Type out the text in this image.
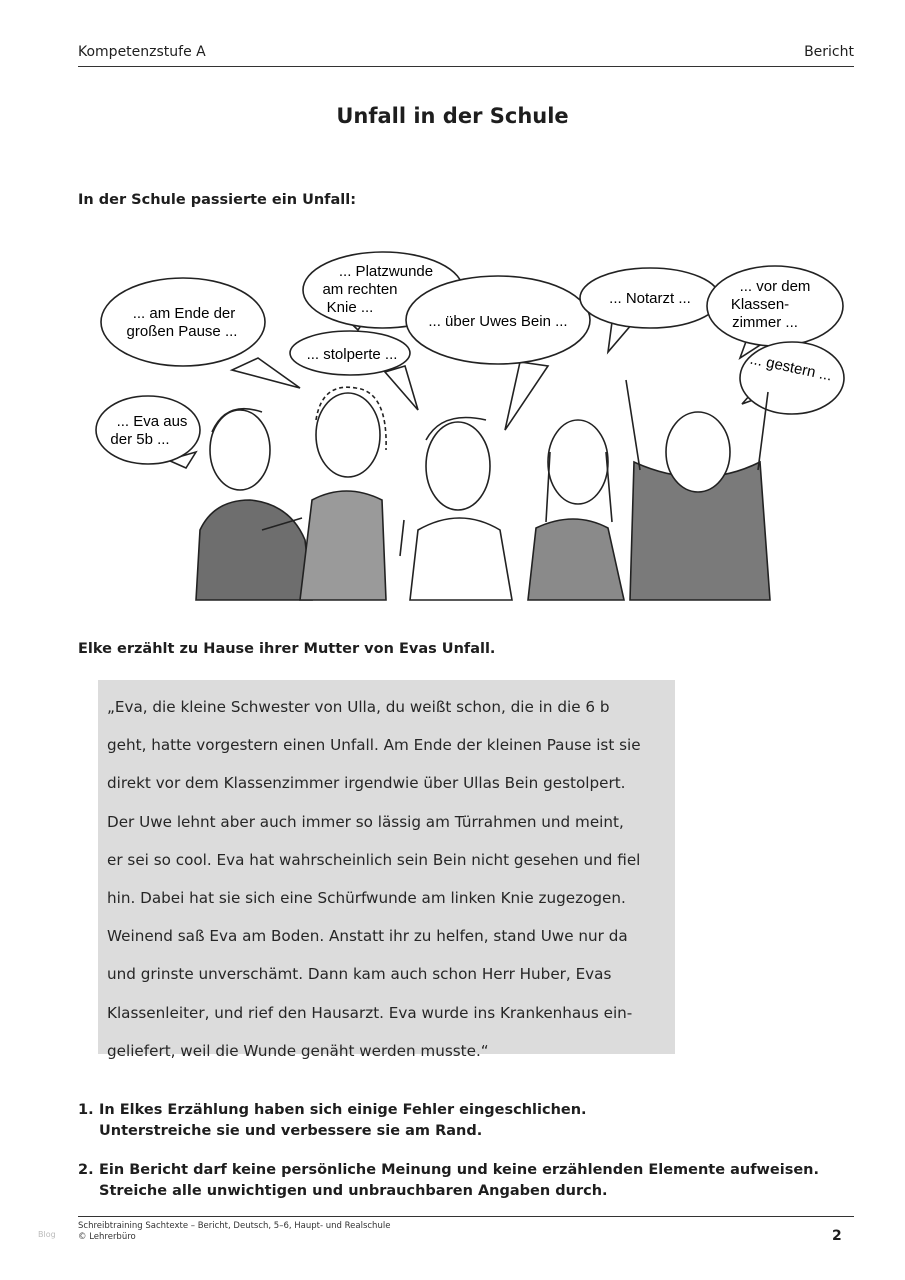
Kompetenzstufe A	Bericht
Unfall in der Schule
In der Schule passierte ein Unfall:
... am Ende der
großen Pause ...
... Platzwunde
am rechten
Knie ...
... stolperte ...
... über Uwes Bein ...
... Notarzt ...
... vor dem
Klassen-
zimmer ...
... gestern ...
... Eva aus
der 5b ...
Elke erzählt zu Hause ihrer Mutter von Evas Unfall.
„Eva, die kleine Schwester von Ulla, du weißt schon, die in die 6 b
geht, hatte vorgestern einen Unfall. Am Ende der kleinen Pause ist sie
direkt vor dem Klassenzimmer irgendwie über Ullas Bein gestolpert.
Der Uwe lehnt aber auch immer so lässig am Türrahmen und meint,
er sei so cool. Eva hat wahrscheinlich sein Bein nicht gesehen und fiel
hin. Dabei hat sie sich eine Schürfwunde am linken Knie zugezogen.
Weinend saß Eva am Boden. Anstatt ihr zu helfen, stand Uwe nur da
und grinste unverschämt. Dann kam auch schon Herr Huber, Evas
Klassenleiter, und rief den Hausarzt. Eva wurde ins Krankenhaus ein-
geliefert, weil die Wunde genäht werden musste.“
1. In Elkes Erzählung haben sich einige Fehler eingeschlichen.
Unterstreiche sie und verbessere sie am Rand.
2. Ein Bericht darf keine persönliche Meinung und keine erzählenden Elemente aufweisen.
Streiche alle unwichtigen und unbrauchbaren Angaben durch.
Schreibtraining Sachtexte – Bericht, Deutsch, 5–6, Haupt- und Realschule
© Lehrerbüro	2
Blog
